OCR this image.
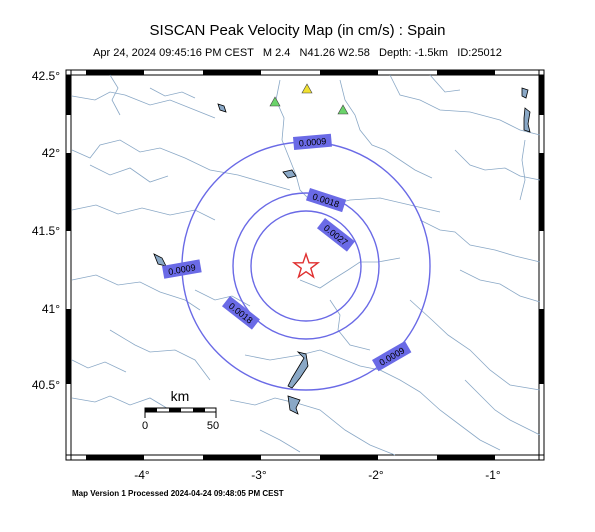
SISCAN Peak Velocity Map (in cm/s) : Spain
Apr 24, 2024 09:45:16 PM CEST   M 2.4   N41.26 W2.58   Depth: -1.5km   ID:25012
0.0009
0.0018
0.0027
0.0009
0.0018
0.0009
km
0	50
42.5°
42°
41.5°
41°
40.5°
-4°	-3°	-2°	-1°
Map Version 1 Processed 2024-04-24 09:48:05 PM CEST
